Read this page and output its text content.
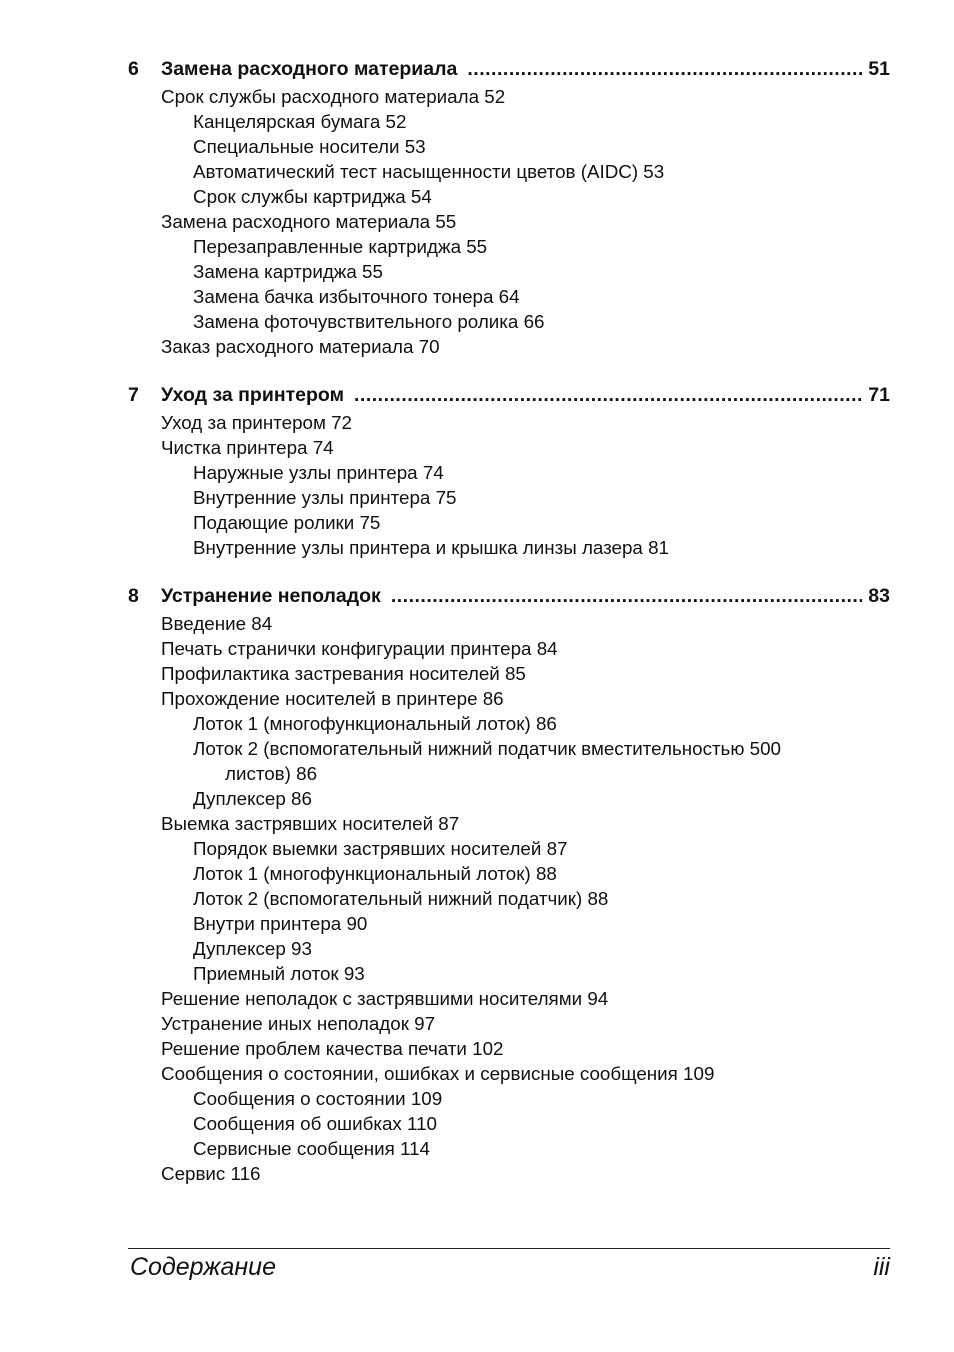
6	Замена расходного материала .....	51
Срок службы расходного материала 52
Канцелярская бумага 52
Специальные носители 53
Автоматический тест насыщенности цветов (AIDC) 53
Срок службы картриджа 54
Замена расходного материала 55
Перезаправленные картриджа 55
Замена картриджа 55
Замена бачка избыточного тонера 64
Замена фоточувствительного ролика 66
Заказ расходного материала 70
7	Уход за принтером .....	71
Уход за принтером 72
Чистка принтера 74
Наружные узлы принтера 74
Внутренние узлы принтера 75
Подающие ролики 75
Внутренние узлы принтера и крышка линзы лазера 81
8	Устранение неполадок .....	83
Введение 84
Печать странички конфигурации принтера 84
Профилактика застревания носителей 85
Прохождение носителей в принтере 86
Лоток 1 (многофункциональный лоток) 86
Лоток 2 (вспомогательный нижний податчик вместительностью 500
листов) 86
Дуплексер 86
Выемка застрявших носителей 87
Порядок выемки застрявших носителей 87
Лоток 1 (многофункциональный лоток) 88
Лоток 2 (вспомогательный нижний податчик) 88
Внутри принтера 90
Дуплексер 93
Приемный лоток 93
Решение неполадок с застрявшими носителями 94
Устранение иных неполадок 97
Решение проблем качества печати 102
Сообщения о состоянии, ошибках и сервисные сообщения 109
Сообщения о состоянии 109
Сообщения об ошибках 110
Сервисные сообщения 114
Сервис 116
Содержание	iii
